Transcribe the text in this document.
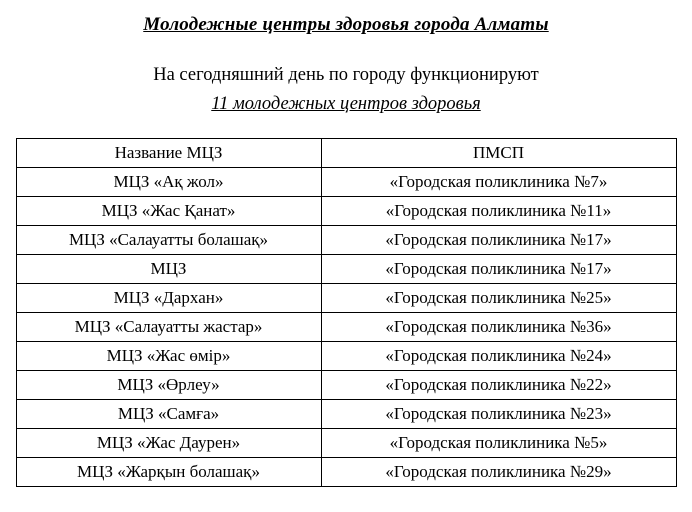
Молодежные центры здоровья города Алматы
На сегодняшний день по городу функционируют
11 молодежных центров здоровья
Название МЦЗ	ПМСП
МЦЗ «Ақ жол»	«Городская поликлиника №7»
МЦЗ «Жас Қанат»	«Городская поликлиника №11»
МЦЗ «Салауатты болашақ»	«Городская поликлиника №17»
МЦЗ	«Городская поликлиника №17»
МЦЗ «Дархан»	«Городская поликлиника №25»
МЦЗ «Салауатты жастар»	«Городская поликлиника №36»
МЦЗ «Жас өмір»	«Городская поликлиника №24»
МЦЗ «Өрлеу»	«Городская поликлиника №22»
МЦЗ «Самға»	«Городская поликлиника №23»
МЦЗ «Жас Даурен»	«Городская поликлиника №5»
МЦЗ «Жарқын болашақ»	«Городская поликлиника №29»
